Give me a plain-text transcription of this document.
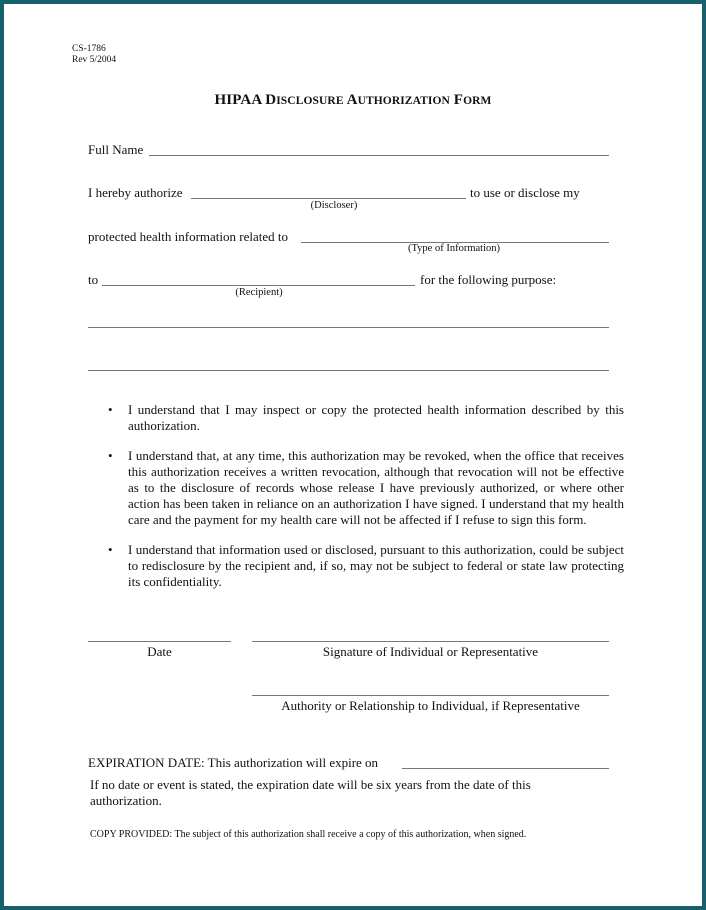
CS-1786
Rev 5/2004
HIPAA DISCLOSURE AUTHORIZATION FORM
Full Name
I hereby authorize	to use or disclose my
(Discloser)
protected health information related to
(Type of Information)
to	for the following purpose:
(Recipient)
• I understand that I may inspect or copy the protected health information described by this authorization.
• I understand that, at any time, this authorization may be revoked, when the office that receives this authorization receives a written revocation, although that revocation will not be effective as to the disclosure of records whose release I have previously authorized, or where other action has been taken in reliance on an authorization I have signed. I understand that my health care and the payment for my health care will not be affected if I refuse to sign this form.
• I understand that information used or disclosed, pursuant to this authorization, could be subject to redisclosure by the recipient and, if so, may not be subject to federal or state law protecting its confidentiality.
Date	Signature of Individual or Representative
Authority or Relationship to Individual, if Representative
EXPIRATION DATE: This authorization will expire on
If no date or event is stated, the expiration date will be six years from the date of this authorization.
COPY PROVIDED: The subject of this authorization shall receive a copy of this authorization, when signed.
